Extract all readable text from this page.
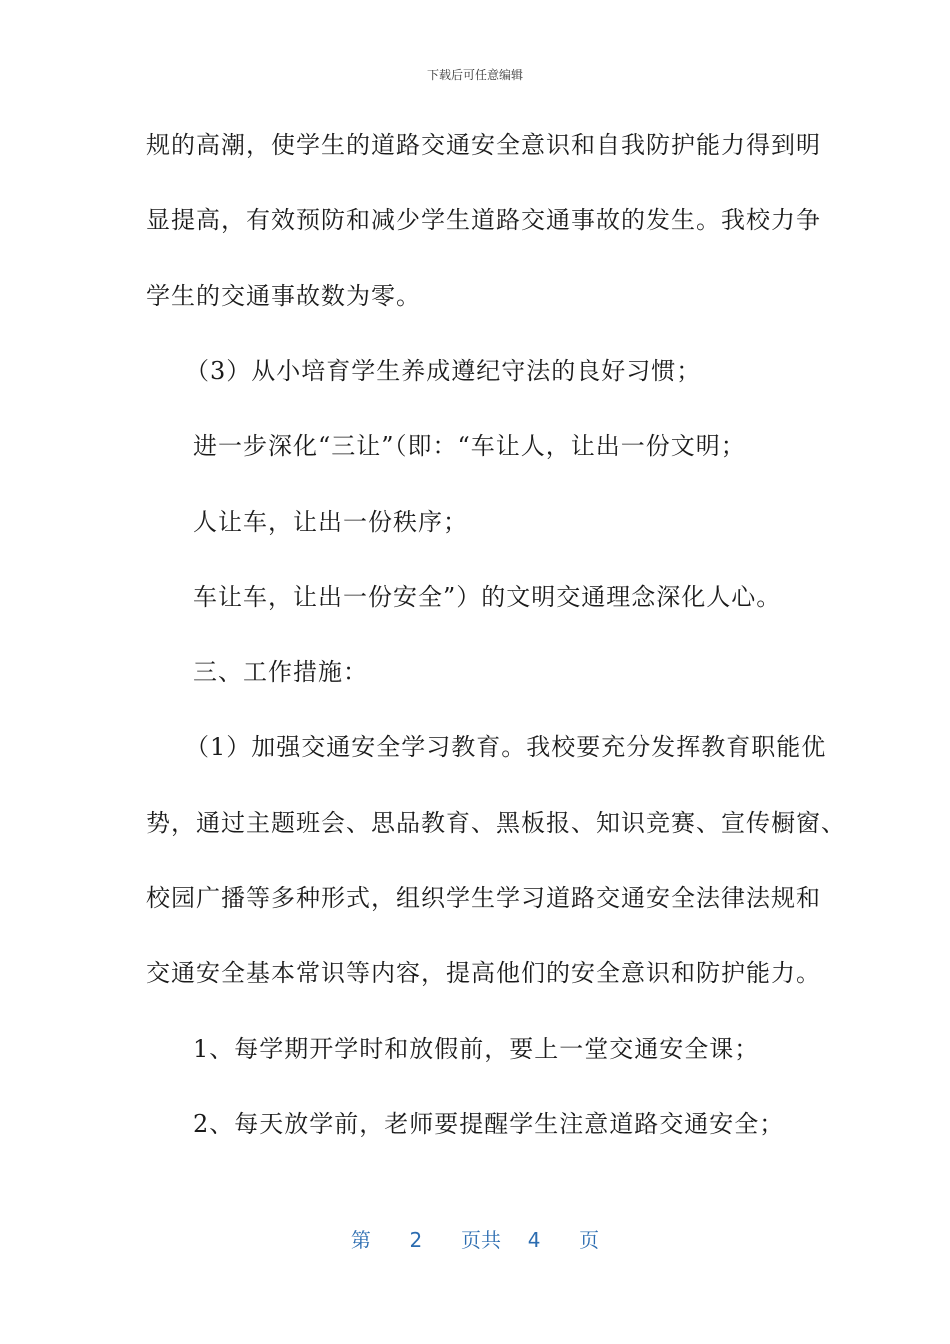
下载后可任意编辑
规的高潮，使学生的道路交通安全意识和自我防护能力得到明
显提高，有效预防和减少学生道路交通事故的发生。我校力争
学生的交通事故数为零。
（3）从小培育学生养成遵纪守法的良好习惯；
进一步深化“三让”（即：“车让人，让出一份文明；
人让车，让出一份秩序；
车让车，让出一份安全”）的文明交通理念深化人心。
三、工作措施：
（1）加强交通安全学习教育。我校要充分发挥教育职能优
势，通过主题班会、思品教育、黑板报、知识竞赛、宣传橱窗、
校园广播等多种形式，组织学生学习道路交通安全法律法规和
交通安全基本常识等内容，提高他们的安全意识和防护能力。
1、每学期开学时和放假前，要上一堂交通安全课；
2、每天放学前，老师要提醒学生注意道路交通安全；
第 2 页共 4 页
